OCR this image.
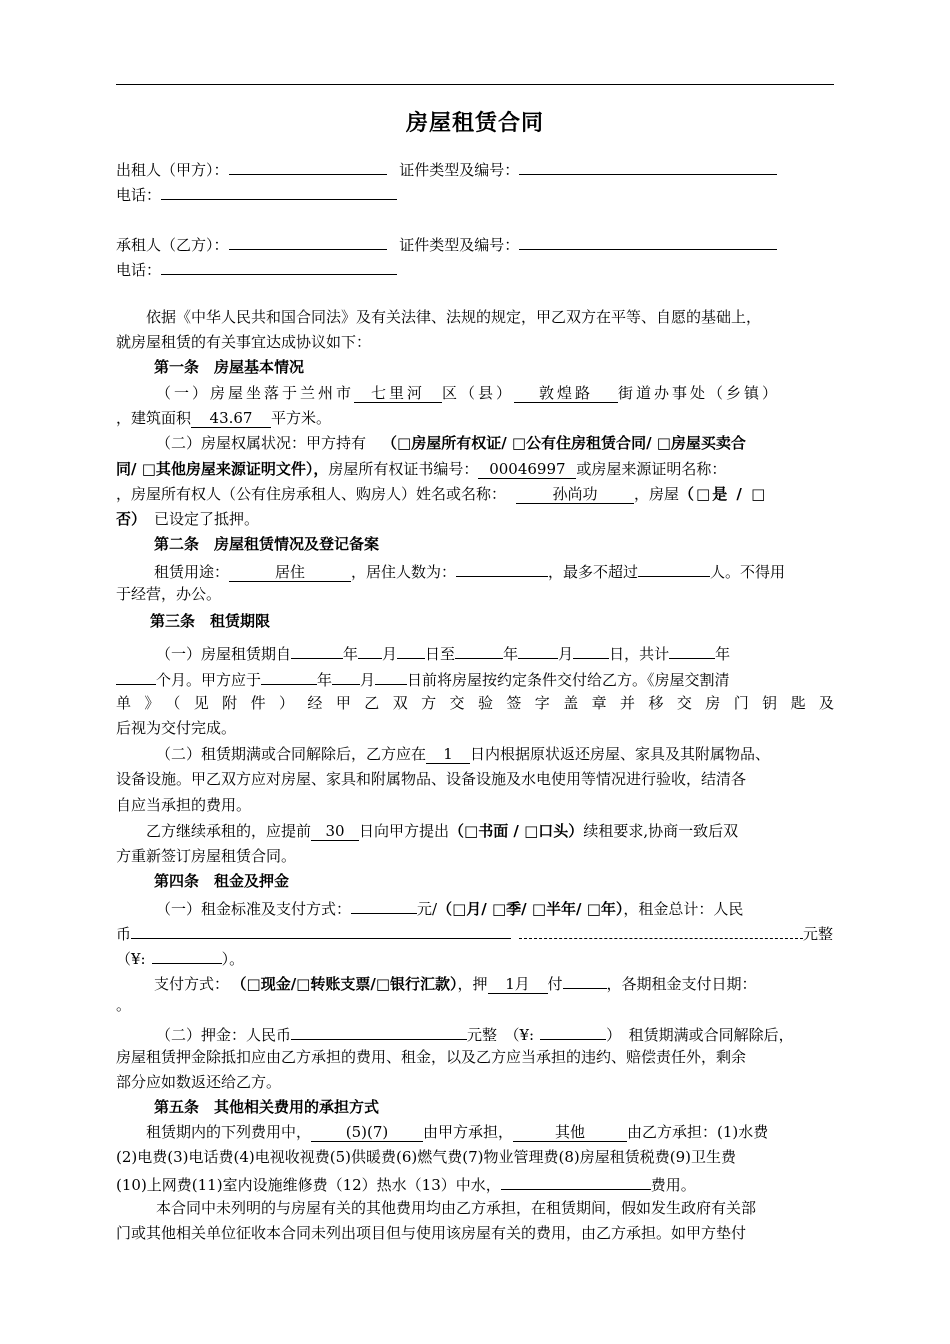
房屋租赁合同
出租人（甲方）：	证件类型及编号：
电话：
承租人（乙方）：	证件类型及编号：
电话：
依据《中华人民共和国合同法》及有关法律、法规的规定，甲乙双方在平等、自愿的基础上，
就房屋租赁的有关事宜达成协议如下：
第一条　房屋基本情况
（一）房屋坐落于兰州市 七里河 区（县） 敦煌路 街道办事处（乡镇）
，建筑面积 43.67 平方米。
（二）房屋权属状况：甲方持有 （□房屋所有权证/ □公有住房租赁合同/ □房屋买卖合
同/ □其他房屋来源证明文件），房屋所有权证书编号： 00046997 或房屋来源证明名称：
，房屋所有权人（公有住房承租人、购房人）姓名或名称：	孙尚功 ，房屋（□是 / □
否） 已设定了抵押。
第二条　房屋租赁情况及登记备案
租赁用途：	居住	，居住人数为：	，最多不超过	人。不得用
于经营，办公。
第三条　租赁期限
（一）房屋租赁期自	年 月 日至	年	月 日，共计	年
个月。甲方应于	年 月 日前将房屋按约定条件交付给乙方。《房屋交割清
单》（见附件）经甲乙双方交验签字盖章并移交房门钥匙及
后视为交付完成。
（二）租赁期满或合同解除后，乙方应在 1 日内根据原状返还房屋、家具及其附属物品、
设备设施。甲乙双方应对房屋、家具和附属物品、设备设施及水电使用等情况进行验收，结清各
自应当承担的费用。
乙方继续承租的，应提前 30 日向甲方提出（□书面 / □口头）续租要求,协商一致后双
方重新签订房屋租赁合同。
第四条　租金及押金
（一）租金标准及支付方式：	元/（□月/ □季/ □半年/ □年），租金总计：人民
币	元整
（¥:	）。
支付方式： （□现金/□转账支票/□银行汇款），押 1月 付	，各期租金支付日期：
。
（二）押金：人民币	元整　（¥:	）　租赁期满或合同解除后，
房屋租赁押金除抵扣应由乙方承担的费用、租金，以及乙方应当承担的违约、赔偿责任外，剩余
部分应如数返还给乙方。
第五条　其他相关费用的承担方式
租赁期内的下列费用中， (5)(7) 由甲方承担，	其他	由乙方承担：(1)水费
(2)电费(3)电话费(4)电视收视费(5)供暖费(6)燃气费(7)物业管理费(8)房屋租赁税费(9)卫生费
(10)上网费(11)室内设施维修费（12）热水（13）中水，	费用。
本合同中未列明的与房屋有关的其他费用均由乙方承担，在租赁期间，假如发生政府有关部
门或其他相关单位征收本合同未列出项目但与使用该房屋有关的费用，由乙方承担。如甲方垫付
